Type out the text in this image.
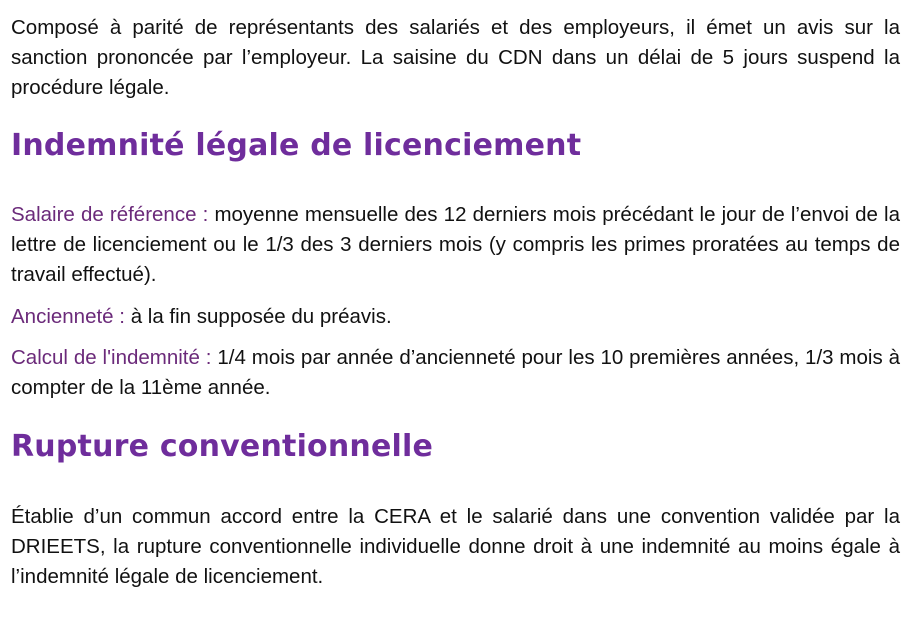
Composé à parité de représentants des salariés et des employeurs, il émet un avis sur la sanction prononcée par l’employeur. La saisine du CDN dans un délai de 5 jours suspend la procédure légale.

Indemnité légale de licenciement

Salaire de référence : moyenne mensuelle des 12 derniers mois précédant le jour de l’envoi de la lettre de licenciement ou le 1/3 des 3 derniers mois (y compris les primes proratées au temps de travail effectué).

Ancienneté : à la fin supposée du préavis.

Calcul de l'indemnité : 1/4 mois par année d’ancienneté pour les 10 premières années, 1/3 mois à compter de la 11ème année.

Rupture conventionnelle

Établie d’un commun accord entre la CERA et le salarié dans une convention validée par la DRIEETS, la rupture conventionnelle individuelle donne droit à une indemnité au moins égale à l’indemnité légale de licenciement.
